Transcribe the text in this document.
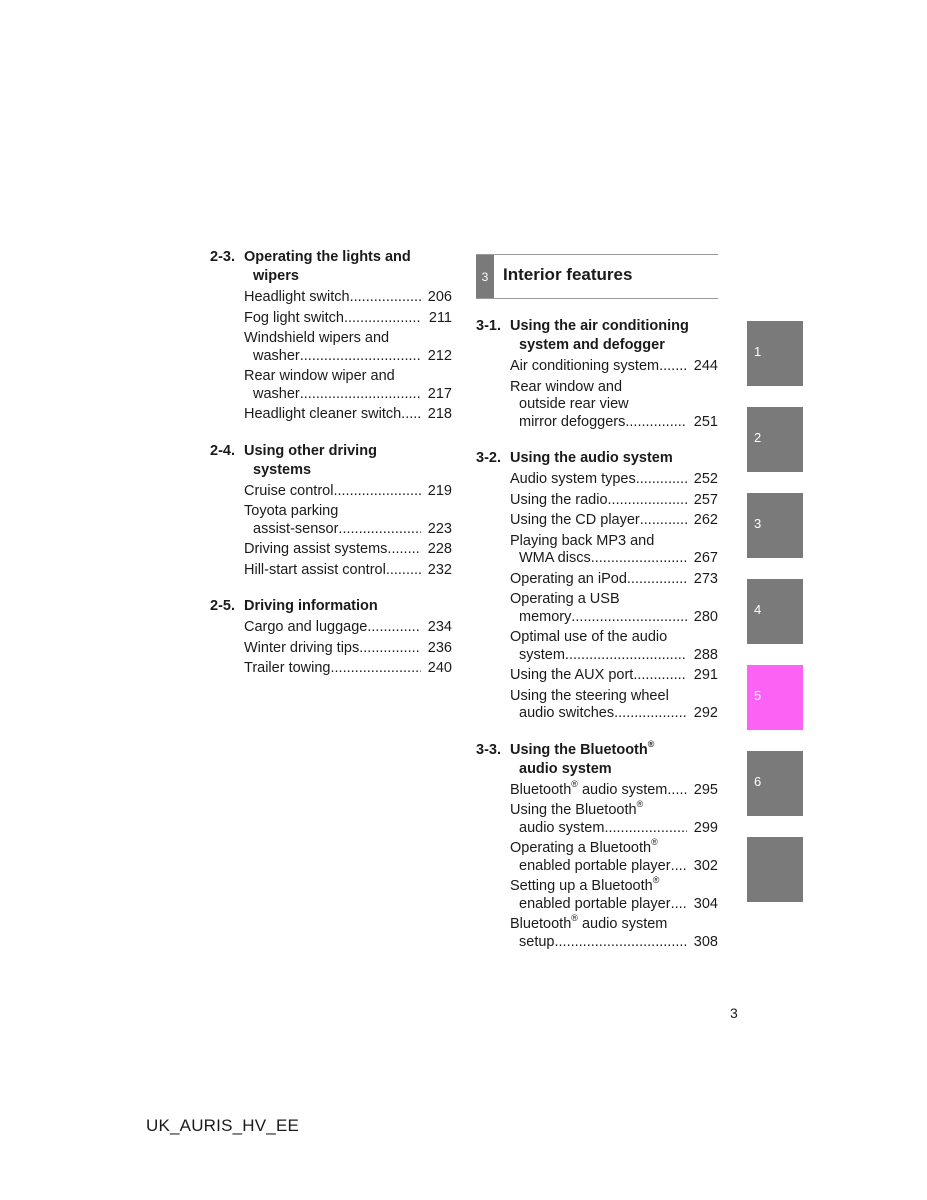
2-3. Operating the lights and
wipers
Headlight switch .....	206
Fog light switch .....	211
Windshield wipers and
washer .....	212
Rear window wiper and
washer .....	217
Headlight cleaner switch .....	218
2-4. Using other driving
systems
Cruise control .....	219
Toyota parking
assist-sensor .....	223
Driving assist systems .....	228
Hill-start assist control .....	232
2-5. Driving information
Cargo and luggage .....	234
Winter driving tips .....	236
Trailer towing .....	240
3 Interior features
3-1. Using the air conditioning
system and defogger
Air conditioning system .....	244
Rear window and
outside rear view
mirror defoggers .....	251
3-2. Using the audio system
Audio system types .....	252
Using the radio .....	257
Using the CD player .....	262
Playing back MP3 and
WMA discs .....	267
Operating an iPod .....	273
Operating a USB
memory .....	280
Optimal use of the audio
system .....	288
Using the AUX port .....	291
Using the steering wheel
audio switches .....	292
3-3. Using the Bluetooth®
audio system
Bluetooth® audio system .....	295
Using the Bluetooth®
audio system .....	299
Operating a Bluetooth®
enabled portable player .....	302
Setting up a Bluetooth®
enabled portable player .....	304
Bluetooth® audio system
setup .....	308
1
2
3
4
5
6
3
UK_AURIS_HV_EE
